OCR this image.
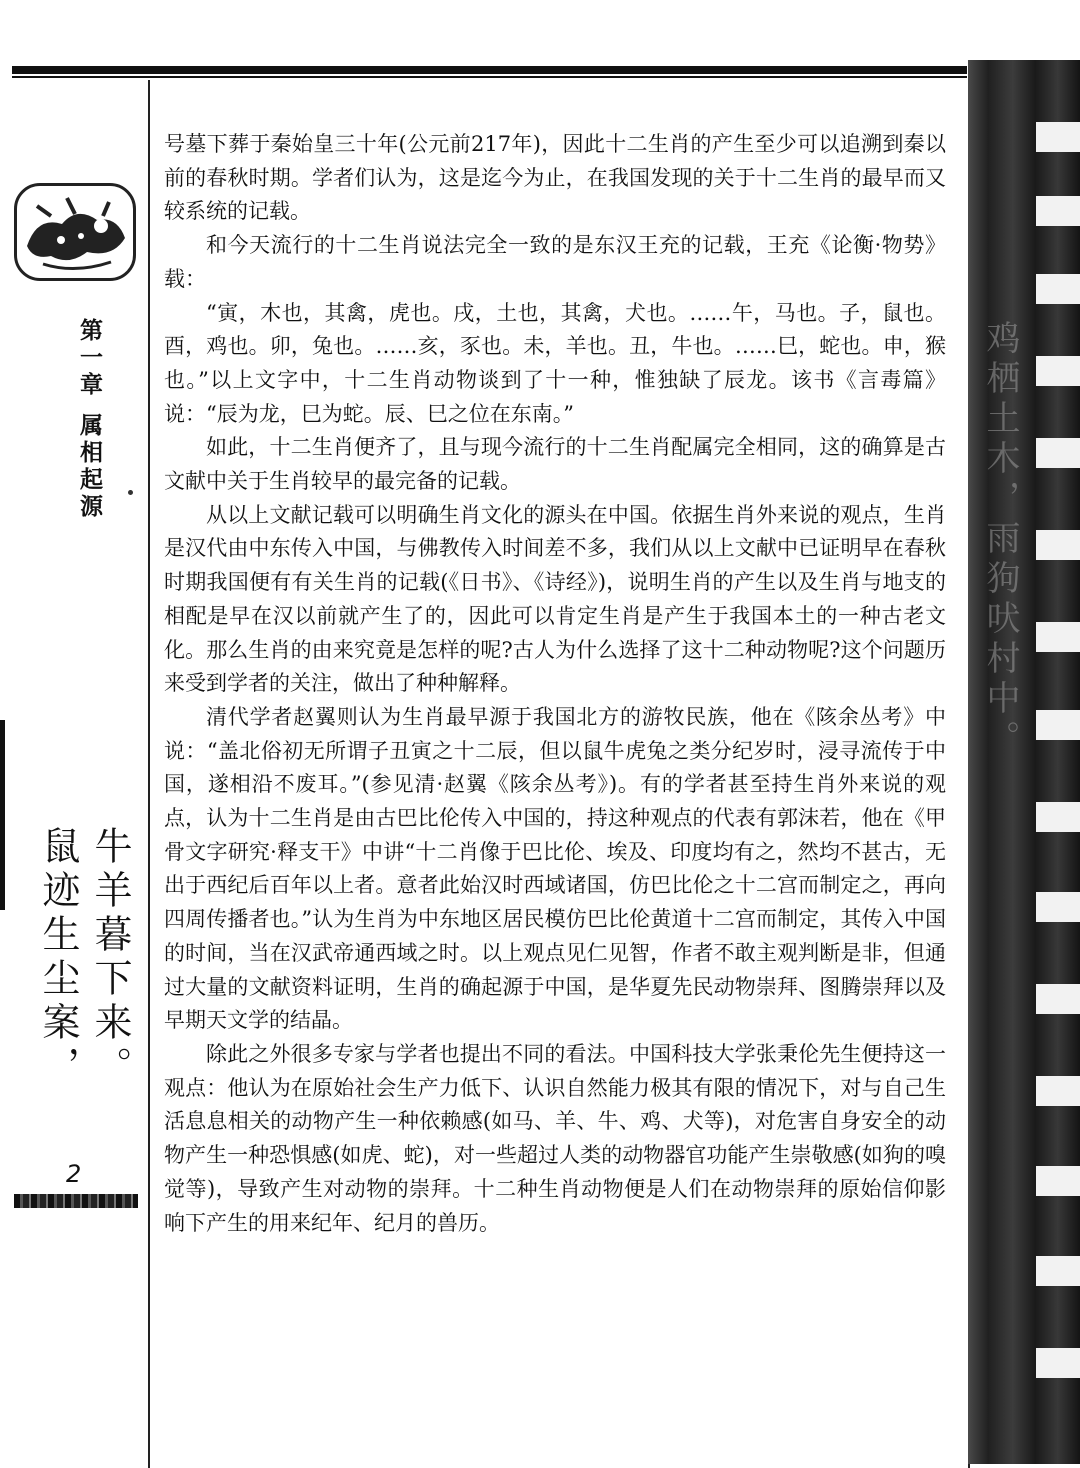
鸡栖土木，雨狗吠村中。
第一章属相起源
牛羊暮下来。
鼠迹生尘案，
2

号墓下葬于秦始皇三十年(公元前217年)，因此十二生肖的产生至少可以追溯到秦以前的春秋时期。学者们认为，这是迄今为止，在我国发现的关于十二生肖的最早而又较系统的记载。

和今天流行的十二生肖说法完全一致的是东汉王充的记载，王充《论衡·物势》载：

“寅，木也，其禽，虎也。戌，土也，其禽，犬也。……午，马也。子，鼠也。酉，鸡也。卯，兔也。……亥，豕也。未，羊也。丑，牛也。……巳，蛇也。申，猴也。”以上文字中，十二生肖动物谈到了十一种，惟独缺了辰龙。该书《言毒篇》说：“辰为龙，巳为蛇。辰、巳之位在东南。”

如此，十二生肖便齐了，且与现今流行的十二生肖配属完全相同，这的确算是古文献中关于生肖较早的最完备的记载。

从以上文献记载可以明确生肖文化的源头在中国。依据生肖外来说的观点，生肖是汉代由中东传入中国，与佛教传入时间差不多，我们从以上文献中已证明早在春秋时期我国便有有关生肖的记载(《日书》、《诗经》)，说明生肖的产生以及生肖与地支的相配是早在汉以前就产生了的，因此可以肯定生肖是产生于我国本土的一种古老文化。那么生肖的由来究竟是怎样的呢?古人为什么选择了这十二种动物呢?这个问题历来受到学者的关注，做出了种种解释。

清代学者赵翼则认为生肖最早源于我国北方的游牧民族，他在《陔余丛考》中说：“盖北俗初无所谓子丑寅之十二辰，但以鼠牛虎兔之类分纪岁时，浸寻流传于中国，遂相沿不废耳。”(参见清·赵翼《陔余丛考》)。有的学者甚至持生肖外来说的观点，认为十二生肖是由古巴比伦传入中国的，持这种观点的代表有郭沫若，他在《甲骨文字研究·释支干》中讲“十二肖像于巴比伦、埃及、印度均有之，然均不甚古，无出于西纪后百年以上者。意者此始汉时西域诸国，仿巴比伦之十二宫而制定之，再向四周传播者也。”认为生肖为中东地区居民模仿巴比伦黄道十二宫而制定，其传入中国的时间，当在汉武帝通西域之时。以上观点见仁见智，作者不敢主观判断是非，但通过大量的文献资料证明，生肖的确起源于中国，是华夏先民动物崇拜、图腾崇拜以及早期天文学的结晶。

除此之外很多专家与学者也提出不同的看法。中国科技大学张秉伦先生便持这一观点：他认为在原始社会生产力低下、认识自然能力极其有限的情况下，对与自己生活息息相关的动物产生一种依赖感(如马、羊、牛、鸡、犬等)，对危害自身安全的动物产生一种恐惧感(如虎、蛇)，对一些超过人类的动物器官功能产生崇敬感(如狗的嗅觉等)，导致产生对动物的崇拜。十二种生肖动物便是人们在动物崇拜的原始信仰影响下产生的用来纪年、纪月的兽历。
